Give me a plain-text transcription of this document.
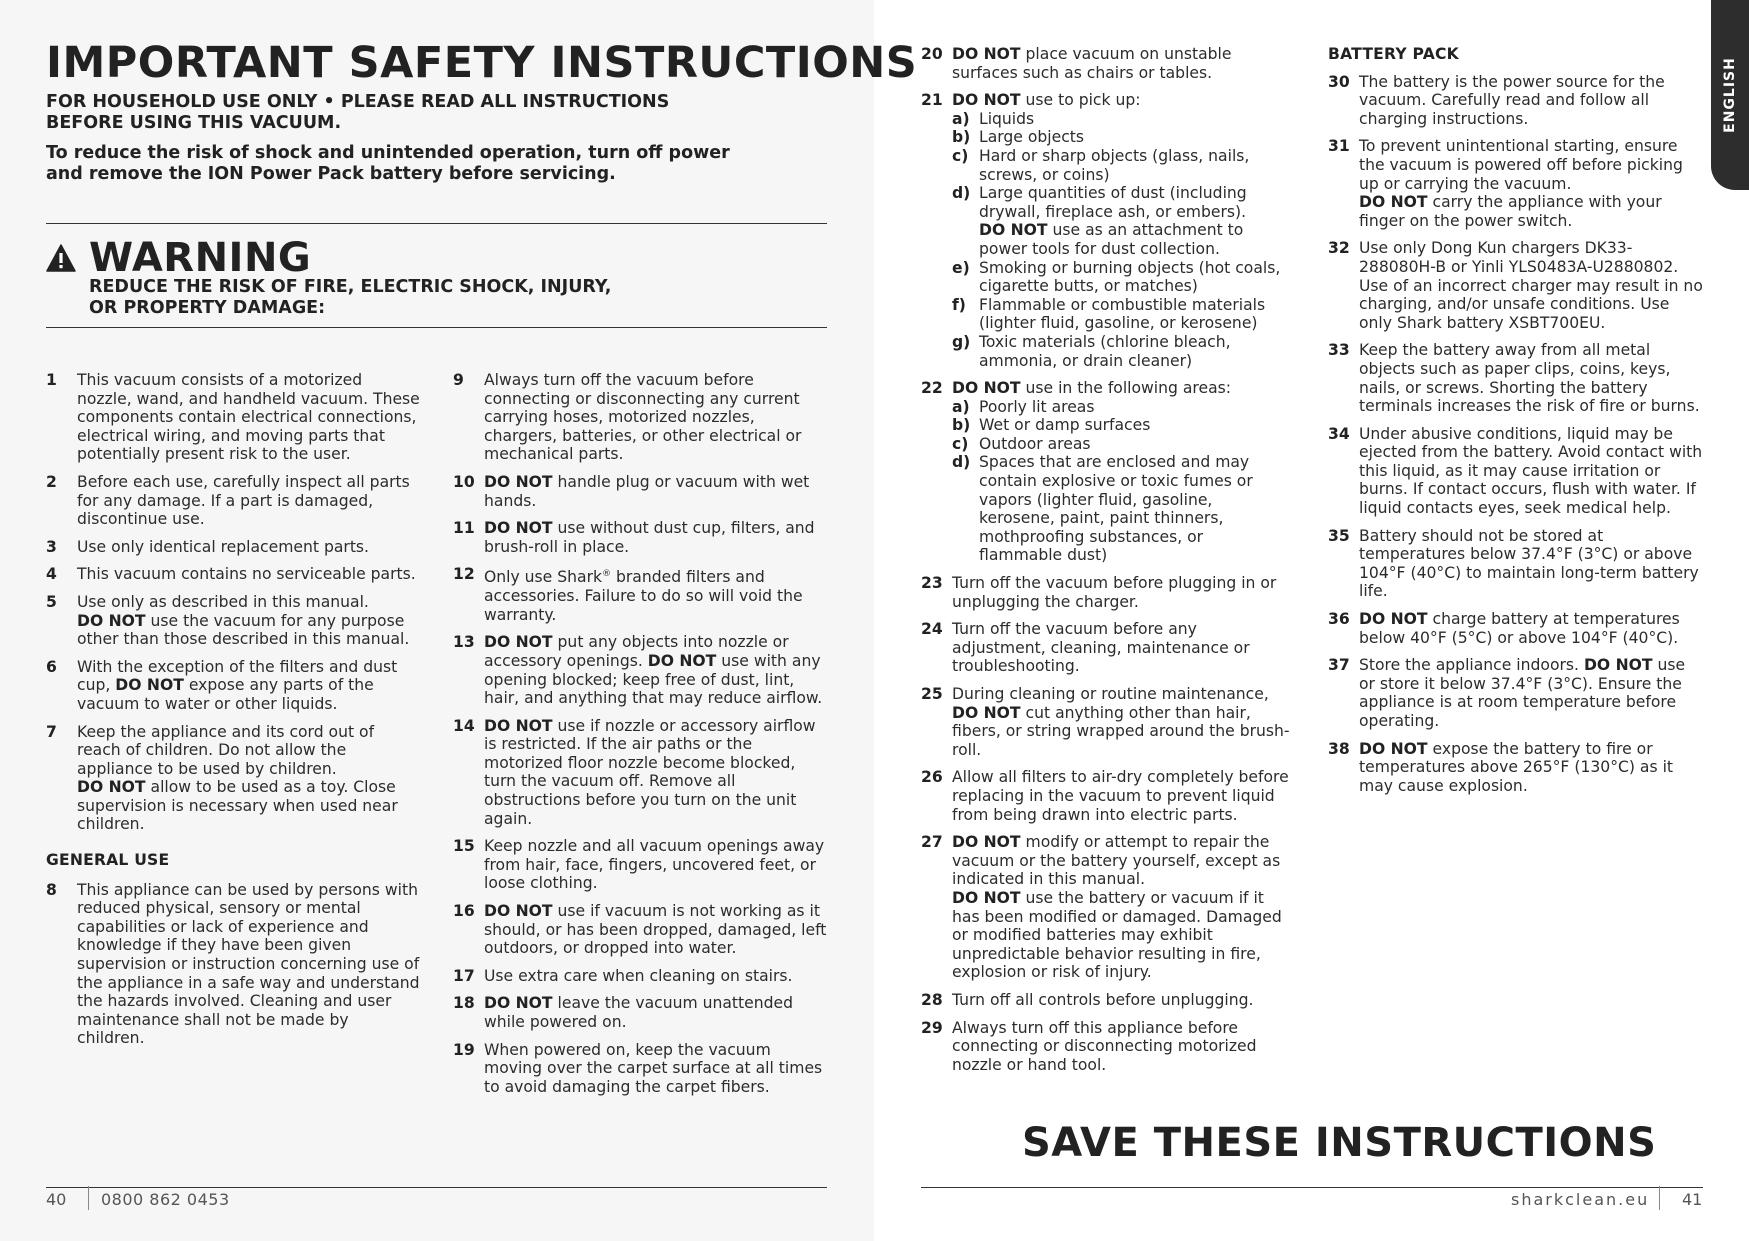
IMPORTANT SAFETY INSTRUCTIONS
FOR HOUSEHOLD USE ONLY • PLEASE READ ALL INSTRUCTIONS
BEFORE USING THIS VACUUM.
To reduce the risk of shock and unintended operation, turn off power
and remove the ION Power Pack battery before servicing.
WARNING
REDUCE THE RISK OF FIRE, ELECTRIC SHOCK, INJURY,
OR PROPERTY DAMAGE:
1	This vacuum consists of a motorized nozzle, wand, and handheld vacuum. These components contain electrical connections, electrical wiring, and moving parts that potentially present risk to the user.
2	Before each use, carefully inspect all parts for any damage. If a part is damaged, discontinue use.
3	Use only identical replacement parts.
4	This vacuum contains no serviceable parts.
5	Use only as described in this manual.
DO NOT use the vacuum for any purpose other than those described in this manual.
6	With the exception of the filters and dust cup, DO NOT expose any parts of the vacuum to water or other liquids.
7	Keep the appliance and its cord out of reach of children. Do not allow the appliance to be used by children.
DO NOT allow to be used as a toy. Close supervision is necessary when used near children.
GENERAL USE
8	This appliance can be used by persons with reduced physical, sensory or mental capabilities or lack of experience and knowledge if they have been given supervision or instruction concerning use of the appliance in a safe way and understand the hazards involved. Cleaning and user maintenance shall not be made by children.
9	Always turn off the vacuum before connecting or disconnecting any current carrying hoses, motorized nozzles, chargers, batteries, or other electrical or mechanical parts.
10 DO NOT handle plug or vacuum with wet hands.
11 DO NOT use without dust cup, filters, and brush-roll in place.
12 Only use Shark® branded filters and accessories. Failure to do so will void the warranty.
13 DO NOT put any objects into nozzle or accessory openings. DO NOT use with any opening blocked; keep free of dust, lint, hair, and anything that may reduce airflow.
14 DO NOT use if nozzle or accessory airflow is restricted. If the air paths or the motorized floor nozzle become blocked, turn the vacuum off. Remove all obstructions before you turn on the unit again.
15 Keep nozzle and all vacuum openings away from hair, face, fingers, uncovered feet, or loose clothing.
16 DO NOT use if vacuum is not working as it should, or has been dropped, damaged, left outdoors, or dropped into water.
17 Use extra care when cleaning on stairs.
18 DO NOT leave the vacuum unattended while powered on.
19 When powered on, keep the vacuum moving over the carpet surface at all times to avoid damaging the carpet fibers.
20 DO NOT place vacuum on unstable surfaces such as chairs or tables.
21 DO NOT use to pick up:
a) Liquids
b) Large objects
c) Hard or sharp objects (glass, nails, screws, or coins)
d) Large quantities of dust (including drywall, fireplace ash, or embers).
DO NOT use as an attachment to power tools for dust collection.
e) Smoking or burning objects (hot coals, cigarette butts, or matches)
f) Flammable or combustible materials (lighter fluid, gasoline, or kerosene)
g) Toxic materials (chlorine bleach, ammonia, or drain cleaner)
22 DO NOT use in the following areas:
a) Poorly lit areas
b) Wet or damp surfaces
c) Outdoor areas
d) Spaces that are enclosed and may contain explosive or toxic fumes or vapors (lighter fluid, gasoline, kerosene, paint, paint thinners, mothproofing substances, or flammable dust)
23 Turn off the vacuum before plugging in or unplugging the charger.
24 Turn off the vacuum before any adjustment, cleaning, maintenance or troubleshooting.
25 During cleaning or routine maintenance,
DO NOT cut anything other than hair, fibers, or string wrapped around the brush-roll.
26 Allow all filters to air-dry completely before replacing in the vacuum to prevent liquid from being drawn into electric parts.
27 DO NOT modify or attempt to repair the vacuum or the battery yourself, except as indicated in this manual.
DO NOT use the battery or vacuum if it has been modified or damaged. Damaged or modified batteries may exhibit unpredictable behavior resulting in fire, explosion or risk of injury.
28 Turn off all controls before unplugging.
29 Always turn off this appliance before connecting or disconnecting motorized nozzle or hand tool.
BATTERY PACK
30 The battery is the power source for the vacuum. Carefully read and follow all charging instructions.
31 To prevent unintentional starting, ensure the vacuum is powered off before picking up or carrying the vacuum.
DO NOT carry the appliance with your finger on the power switch.
32 Use only Dong Kun chargers DK33-288080H-B or Yinli YLS0483A-U2880802. Use of an incorrect charger may result in no charging, and/or unsafe conditions. Use only Shark battery XSBT700EU.
33 Keep the battery away from all metal objects such as paper clips, coins, keys, nails, or screws. Shorting the battery terminals increases the risk of fire or burns.
34 Under abusive conditions, liquid may be ejected from the battery. Avoid contact with this liquid, as it may cause irritation or burns. If contact occurs, flush with water. If liquid contacts eyes, seek medical help.
35 Battery should not be stored at temperatures below 37.4°F (3°C) or above 104°F (40°C) to maintain long-term battery life.
36 DO NOT charge battery at temperatures below 40°F (5°C) or above 104°F (40°C).
37 Store the appliance indoors. DO NOT use or store it below 37.4°F (3°C). Ensure the appliance is at room temperature before operating.
38 DO NOT expose the battery to fire or temperatures above 265°F (130°C) as it may cause explosion.
SAVE THESE INSTRUCTIONS
40 0800 862 0453	sharkclean.eu 41
ENGLISH
